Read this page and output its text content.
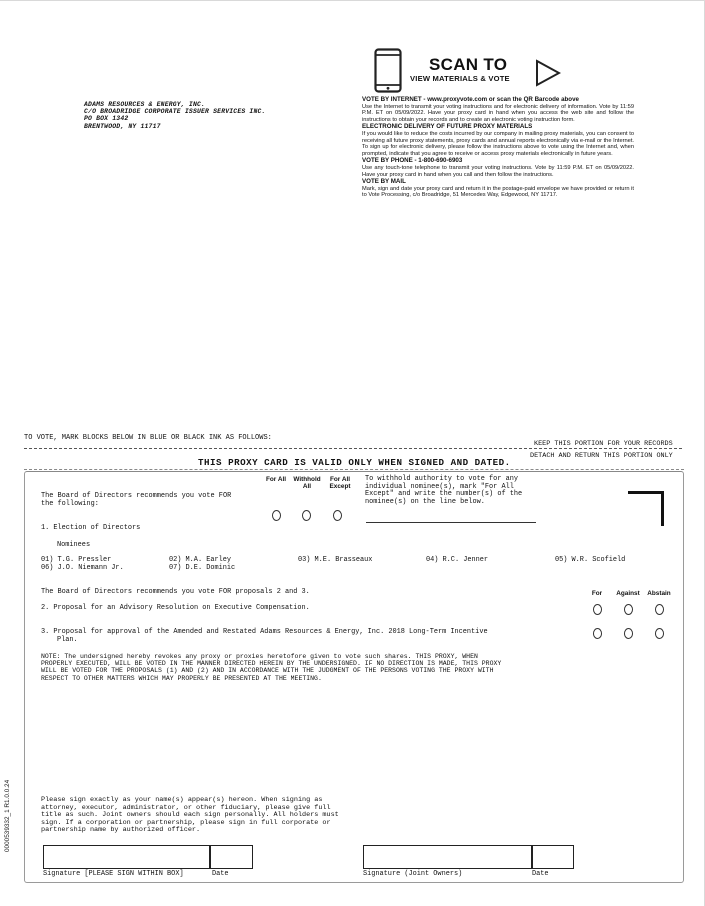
ADAMS RESOURCES & ENERGY, INC.
C/O BROADRIDGE CORPORATE ISSUER SERVICES INC.
PO BOX 1342
BRENTWOOD, NY 11717
SCAN TO
VIEW MATERIALS & VOTE
VOTE BY INTERNET - www.proxyvote.com or scan the QR Barcode above

Use the Internet to transmit your voting instructions and for electronic delivery of information. Vote by 11:59 P.M. ET on 05/09/2022. Have your proxy card in hand when you access the web site and follow the instructions to obtain your records and to create an electronic voting instruction form.

ELECTRONIC DELIVERY OF FUTURE PROXY MATERIALS

If you would like to reduce the costs incurred by our company in mailing proxy materials, you can consent to receiving all future proxy statements, proxy cards and annual reports electronically via e-mail or the Internet. To sign up for electronic delivery, please follow the instructions above to vote using the Internet and, when prompted, indicate that you agree to receive or access proxy materials electronically in future years.

VOTE BY PHONE - 1-800-690-6903

Use any touch-tone telephone to transmit your voting instructions. Vote by 11:59 P.M. ET on 05/09/2022. Have your proxy card in hand when you call and then follow the instructions.

VOTE BY MAIL

Mark, sign and date your proxy card and return it in the postage-paid envelope we have provided or return it to Vote Processing, c/o Broadridge, 51 Mercedes Way, Edgewood, NY 11717.

TO VOTE, MARK BLOCKS BELOW IN BLUE OR BLACK INK AS FOLLOWS:
KEEP THIS PORTION FOR YOUR RECORDS
DETACH AND RETURN THIS PORTION ONLY
THIS PROXY CARD IS VALID ONLY WHEN SIGNED AND DATED.
The Board of Directors recommends you vote FOR the following:
For All	Withhold All
For All Except
To withhold authority to vote for any individual nominee(s), mark "For All Except" and write the number(s) of the nominee(s) on the line below.
1. Election of Directors
Nominees
01) T.G. Pressler	02) M.A. Earley	03) M.E. Brasseaux	04) R.C. Jenner	05) W.R. Scofield
06) J.O. Niemann Jr.	07) D.E. Dominic
The Board of Directors recommends you vote FOR proposals 2 and 3.	For	Against	Abstain
2. Proposal for an Advisory Resolution on Executive Compensation.
3. Proposal for approval of the Amended and Restated Adams Resources & Energy, Inc. 2018 Long-Term Incentive
Plan.
NOTE: The undersigned hereby revokes any proxy or proxies heretofore given to vote such shares. THIS PROXY, WHEN PROPERLY EXECUTED, WILL BE VOTED IN THE MANNER DIRECTED HEREIN BY THE UNDERSIGNED. IF NO DIRECTION IS MADE, THIS PROXY WILL BE VOTED FOR THE PROPOSALS (1) AND (2) AND IN ACCORDANCE WITH THE JUDGMENT OF THE PERSONS VOTING THE PROXY WITH RESPECT TO OTHER MATTERS WHICH MAY PROPERLY BE PRESENTED AT THE MEETING.
Please sign exactly as your name(s) appear(s) hereon. When signing as attorney, executor, administrator, or other fiduciary, please give full title as such. Joint owners should each sign personally. All holders must sign. If a corporation or partnership, please sign in full corporate or partnership name by authorized officer.
Signature [PLEASE SIGN WITHIN BOX]	Date	Signature (Joint Owners)	Date
0000539332_1 R1.0.0.24
